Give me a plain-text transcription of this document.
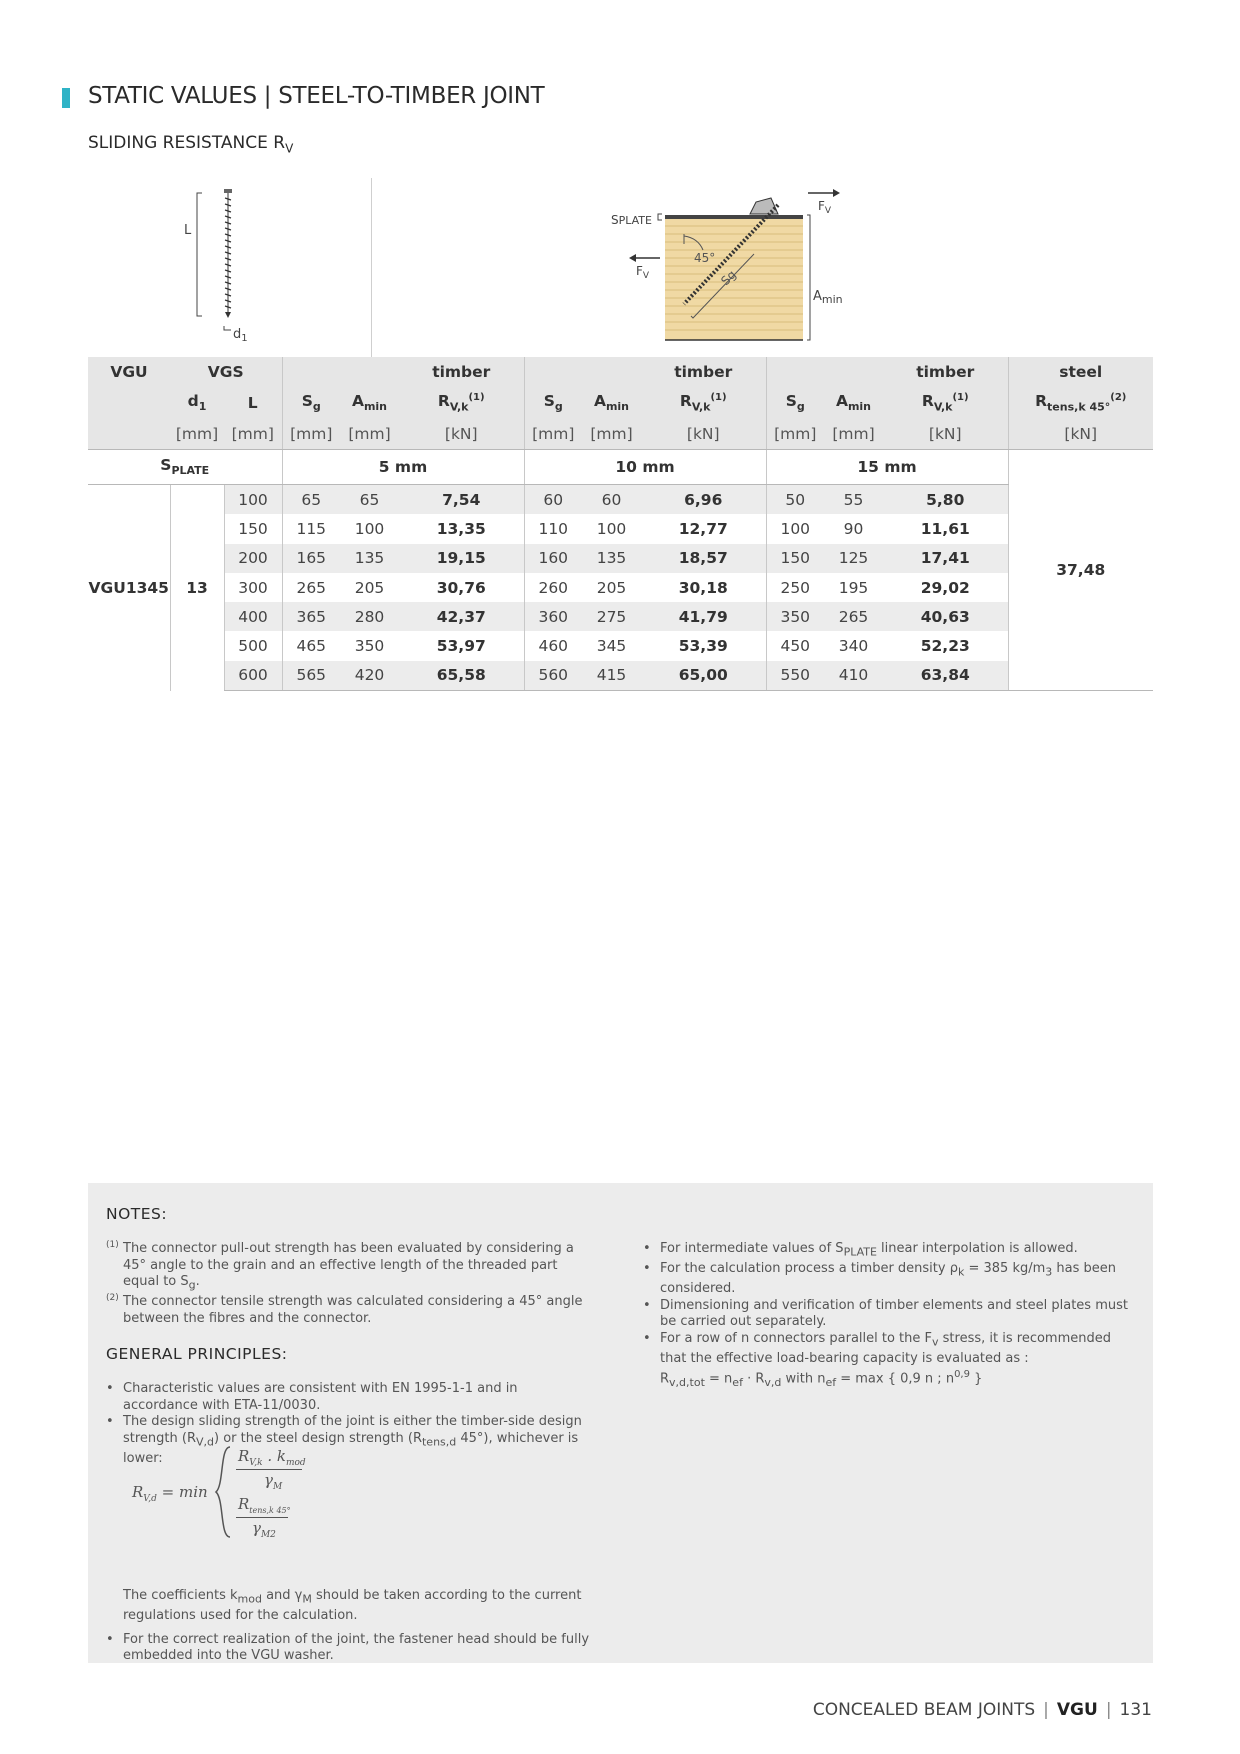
STATIC VALUES | STEEL-TO-TIMBER JOINT
SLIDING RESISTANCE $R_V$
L
$d_1$
SPLATE
$F_V$
$F_V$
45°
Sg
$A_{min}$
VGU	VGS				timber			timber			timber	steel
	$d_1$	L	$S_g$	$A_{min}$	$R_{V,k}^{(1)}$	$S_g$	$A_{min}$	$R_{V,k}^{(1)}$	$S_g$	$A_{min}$	$R_{V,k}^{(1)}$	$R_{tens,k 45^\circ}^{(2)}$
	[mm]	[mm]	[mm]	[mm]	[kN]	[mm]	[mm]	[kN]	[mm]	[mm]	[kN]	[kN]
$S_{PLATE}$			5 mm			10 mm			15 mm			37,48
VGU1345	13	100	65	65	7,54	60	60	6,96	50	55	5,80	
		150	115	100	13,35	110	100	12,77	100	90	11,61	
		200	165	135	19,15	160	135	18,57	150	125	17,41	
		300	265	205	30,76	260	205	30,18	250	195	29,02	
		400	365	280	42,37	360	275	41,79	350	265	40,63	
		500	465	350	53,97	460	345	53,39	450	340	52,23	
		600	565	420	65,58	560	415	65,00	550	410	63,84	
NOTES:

(1) The connector pull-out strength has been evaluated by considering a 45° angle to the grain and an effective length of the threaded part equal to $S_g$.

(2) The connector tensile strength was calculated considering a 45° angle between the fibres and the connector.

GENERAL PRINCIPLES:

• Characteristic values are consistent with EN 1995-1-1 and in accordance with ETA-11/0030.

• The design sliding strength of the joint is either the timber-side design strength $(R_{V,d})$ or the steel design strength ($R_{tens,d}$ 45°), whichever is lower:

$R_{V,d} = \min$
$R_{V,k}$ . $k_{mod}$
$\gamma_M$
$R_{tens,k 45^\circ}$
$\gamma_{M2}$

The coefficients $k_{mod}$ and $\gamma_M$ should be taken according to the current regulations used for the calculation.

• For the correct realization of the joint, the fastener head should be fully embedded into the VGU washer.

• For intermediate values of $S_{PLATE}$ linear interpolation is allowed.

• For the calculation process a timber density $\rho_k = 385$ $kg/m_3$ has been considered.

• Dimensioning and verification of timber elements and steel plates must be carried out separately.

• For a row of n connectors parallel to the $F_v$ stress, it is recommended that the effective load-bearing capacity is evaluated as :

$R_{v,d,tot} = n_{ef} \cdot R_{v,d}$ with $n_{ef} = \max$ { 0,9 n ; $n^{0,9}$ }

CONCEALED BEAM JOINTS | VGU | 131
